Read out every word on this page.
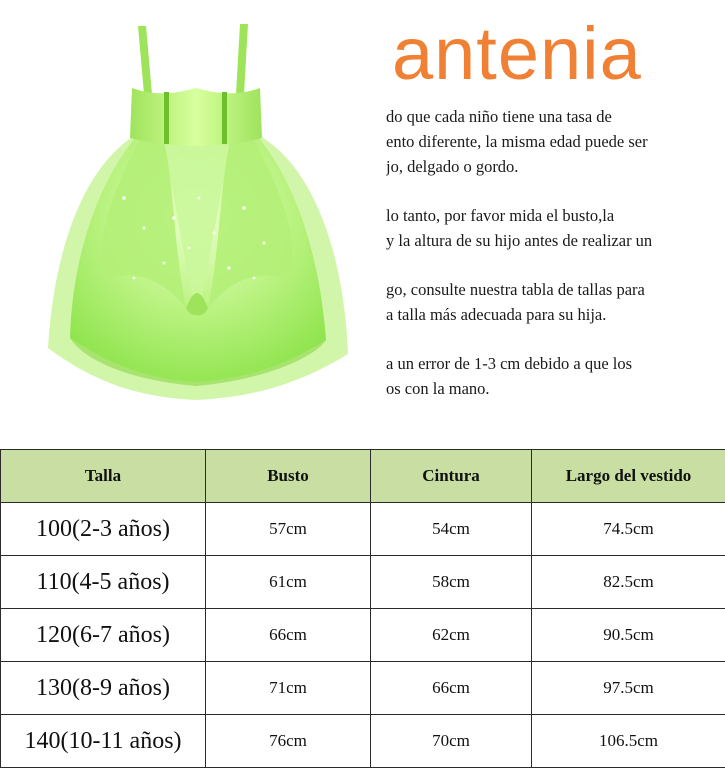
antenia

do que cada niño tiene una tasa de
ento diferente, la misma edad puede ser
jo, delgado o gordo.

lo tanto, por favor mida el busto,la
y la altura de su hijo antes de realizar un

go, consulte nuestra tabla de tallas para
a talla más adecuada para su hija.

a un error de 1-3 cm debido a que los
os con la mano.

Talla	Busto	Cintura	Largo del vestido
100(2-3 años)	57cm	54cm	74.5cm
110(4-5 años)	61cm	58cm	82.5cm
120(6-7 años)	66cm	62cm	90.5cm
130(8-9 años)	71cm	66cm	97.5cm
140(10-11 años)	76cm	70cm	106.5cm
